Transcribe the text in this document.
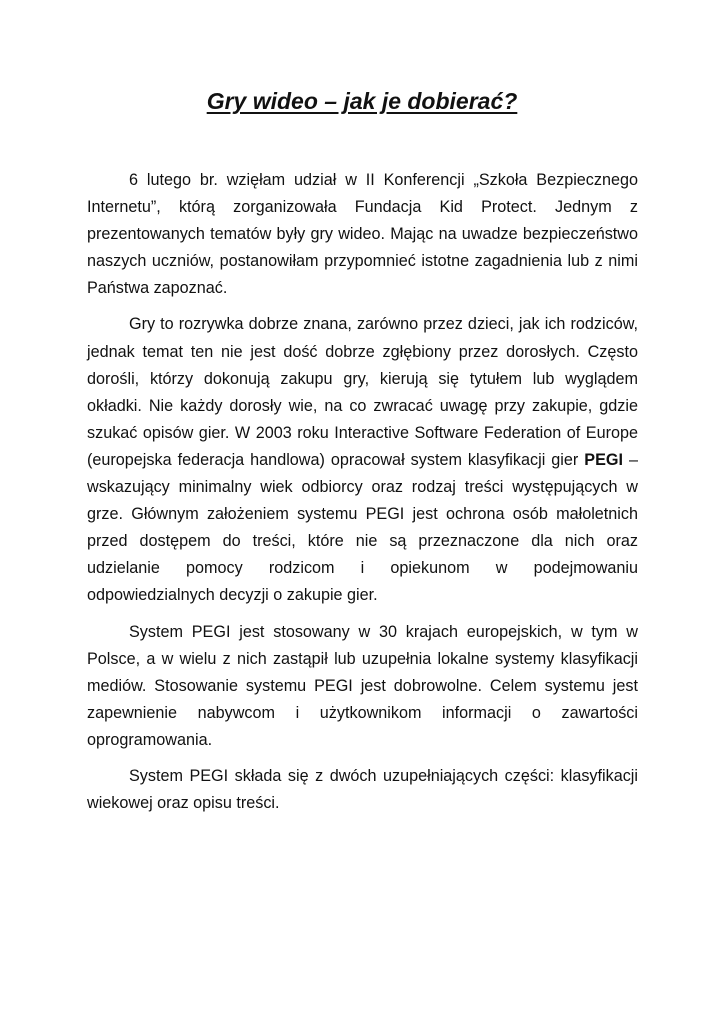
Gry wideo – jak je dobierać?

6 lutego br. wzięłam udział w II Konferencji „Szkoła Bezpiecznego Internetu”, którą zorganizowała Fundacja Kid Protect. Jednym z prezentowanych tematów były gry wideo. Mając na uwadze bezpieczeństwo naszych uczniów, postanowiłam przypomnieć istotne zagadnienia lub z nimi Państwa zapoznać.

Gry to rozrywka dobrze znana, zarówno przez dzieci, jak ich rodziców, jednak temat ten nie jest dość dobrze zgłębiony przez dorosłych. Często dorośli, którzy dokonują zakupu gry, kierują się tytułem lub wyglądem okładki. Nie każdy dorosły wie, na co zwracać uwagę przy zakupie, gdzie szukać opisów gier. W 2003 roku Interactive Software Federation of Europe (europejska federacja handlowa) opracował system klasyfikacji gier PEGI – wskazujący minimalny wiek odbiorcy oraz rodzaj treści występujących w grze. Głównym założeniem systemu PEGI jest ochrona osób małoletnich przed dostępem do treści, które nie są przeznaczone dla nich oraz udzielanie pomocy rodzicom i opiekunom w podejmowaniu odpowiedzialnych decyzji o zakupie gier.

System PEGI jest stosowany w 30 krajach europejskich, w tym w Polsce, a w wielu z nich zastąpił lub uzupełnia lokalne systemy klasyfikacji mediów. Stosowanie systemu PEGI jest dobrowolne. Celem systemu jest zapewnienie nabywcom i użytkownikom informacji o zawartości oprogramowania.

System PEGI składa się z dwóch uzupełniających części: klasyfikacji wiekowej oraz opisu treści.
